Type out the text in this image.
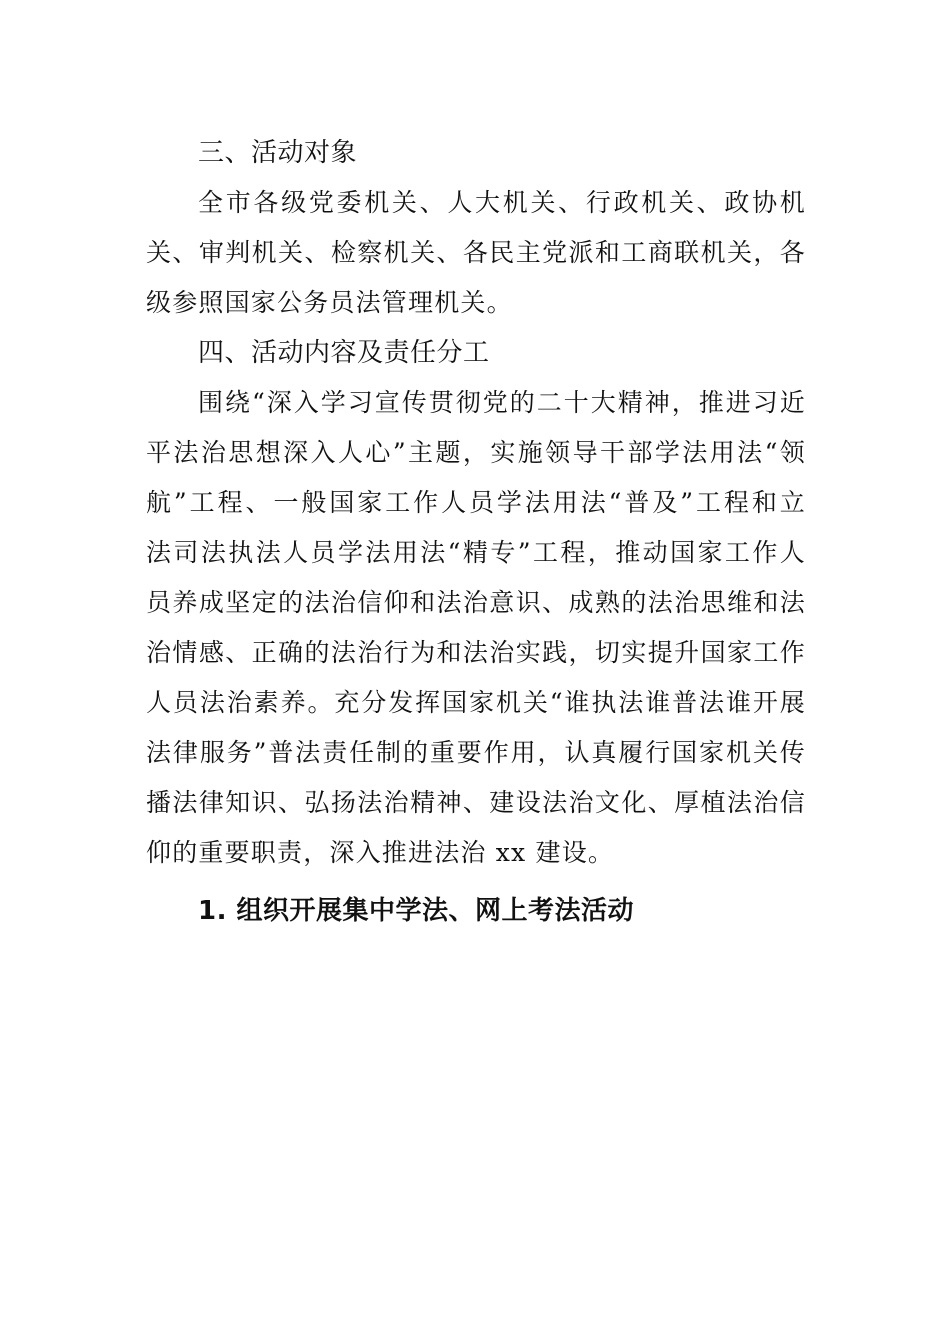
三、活动对象
全市各级党委机关、人大机关、行政机关、政协机
关、审判机关、检察机关、各民主党派和工商联机关，各
级参照国家公务员法管理机关。
四、活动内容及责任分工
围绕“深入学习宣传贯彻党的二十大精神，推进习近
平法治思想深入人心”主题，实施领导干部学法用法“领
航”工程、一般国家工作人员学法用法“普及”工程和立
法司法执法人员学法用法“精专”工程，推动国家工作人
员养成坚定的法治信仰和法治意识、成熟的法治思维和法
治情感、正确的法治行为和法治实践，切实提升国家工作
人员法治素养。充分发挥国家机关“谁执法谁普法谁开展
法律服务”普法责任制的重要作用，认真履行国家机关传
播法律知识、弘扬法治精神、建设法治文化、厚植法治信
仰的重要职责，深入推进法治 xx 建设。
1. 组织开展集中学法、网上考法活动
